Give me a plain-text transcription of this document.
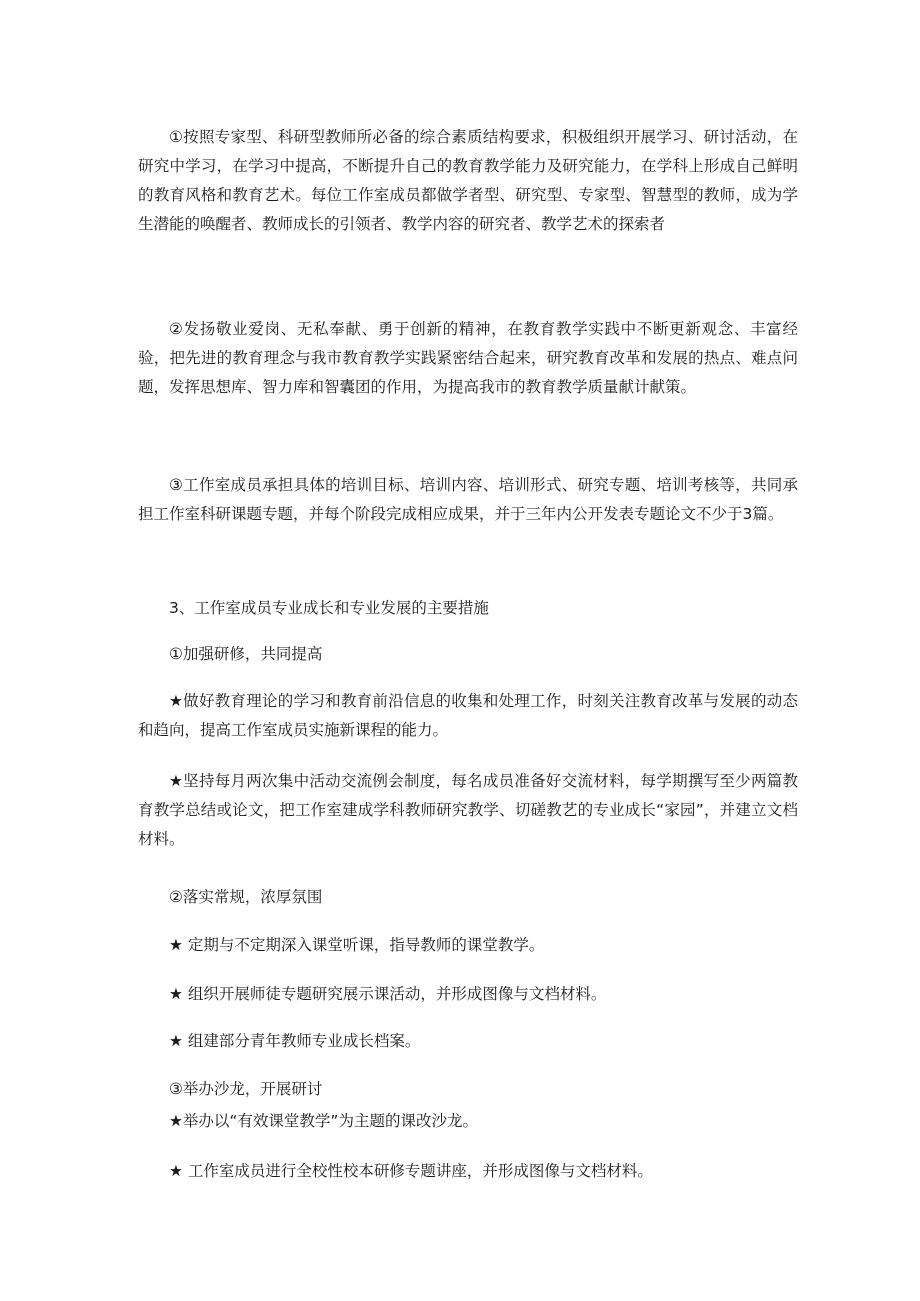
①按照专家型、科研型教师所必备的综合素质结构要求，积极组织开展学习、研讨活动，在研究中学习，在学习中提高，不断提升自己的教育教学能力及研究能力，在学科上形成自己鲜明的教育风格和教育艺术。每位工作室成员都做学者型、研究型、专家型、智慧型的教师，成为学生潜能的唤醒者、教师成长的引领者、教学内容的研究者、教学艺术的探索者

②发扬敬业爱岗、无私奉献、勇于创新的精神，在教育教学实践中不断更新观念、丰富经验，把先进的教育理念与我市教育教学实践紧密结合起来，研究教育改革和发展的热点、难点问题，发挥思想库、智力库和智囊团的作用，为提高我市的教育教学质量献计献策。

③工作室成员承担具体的培训目标、培训内容、培训形式、研究专题、培训考核等，共同承担工作室科研课题专题，并每个阶段完成相应成果，并于三年内公开发表专题论文不少于3篇。

3、工作室成员专业成长和专业发展的主要措施

①加强研修，共同提高

★做好教育理论的学习和教育前沿信息的收集和处理工作，时刻关注教育改革与发展的动态和趋向，提高工作室成员实施新课程的能力。

★坚持每月两次集中活动交流例会制度，每名成员准备好交流材料，每学期撰写至少两篇教育教学总结或论文，把工作室建成学科教师研究教学、切磋教艺的专业成长“家园”，并建立文档材料。

②落实常规，浓厚氛围

★ 定期与不定期深入课堂听课，指导教师的课堂教学。

★ 组织开展师徒专题研究展示课活动，并形成图像与文档材料。

★ 组建部分青年教师专业成长档案。

③举办沙龙，开展研讨

★举办以“有效课堂教学”为主题的课改沙龙。

★ 工作室成员进行全校性校本研修专题讲座，并形成图像与文档材料。
